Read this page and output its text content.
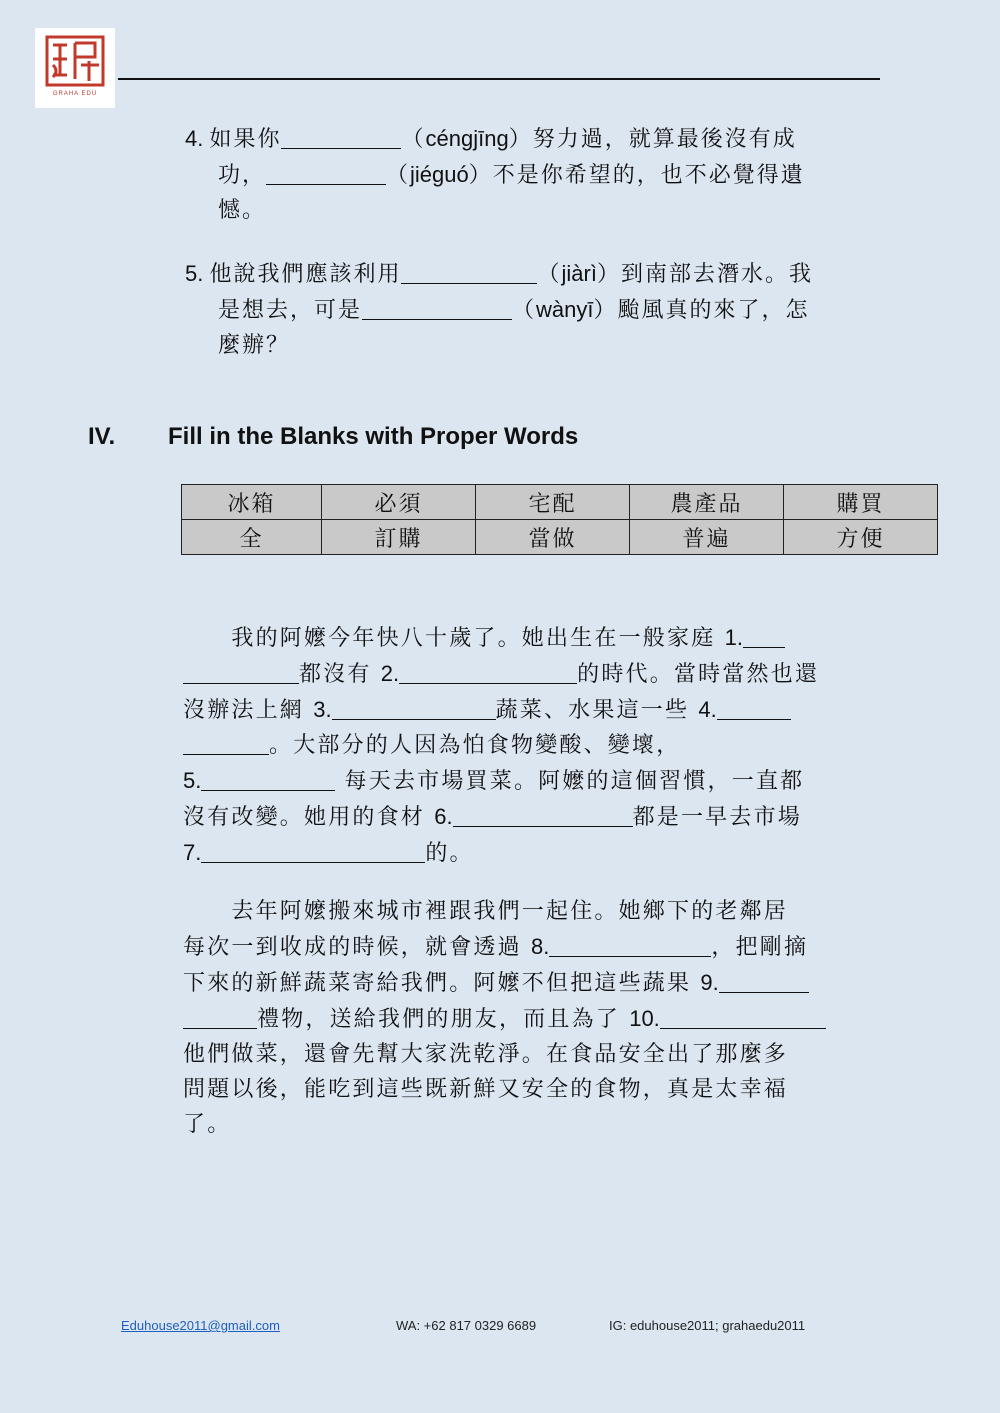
GRAHA EDU
4. 如果你	（céngjīng）努力過，就算最後沒有成
功，	（jiéguó）不是你希望的，也不必覺得遺
憾。
5. 他說我們應該利用	（jiàrì）到南部去潛水。我
是想去，可是	（wànyī）颱風真的來了，怎
麼辦？
IV. Fill in the Blanks with Proper Words
冰箱	必須	宅配	農產品	購買
全	訂購	當做	普遍	方便
　　我的阿嬤今年快八十歲了。她出生在一般家庭 1.
都沒有 2.	的時代。當時當然也還
沒辦法上網 3.	蔬菜、水果這一些 4.
。大部分的人因為怕食物變酸、變壞，
5.	每天去市場買菜。阿嬤的這個習慣，一直都
沒有改變。她用的食材 6.	都是一早去市場
7.	的。
　　去年阿嬤搬來城市裡跟我們一起住。她鄉下的老鄰居
每次一到收成的時候，就會透過 8.	，把剛摘
下來的新鮮蔬菜寄給我們。阿嬤不但把這些蔬果 9.
禮物，送給我們的朋友，而且為了 10.
他們做菜，還會先幫大家洗乾淨。在食品安全出了那麼多
問題以後，能吃到這些既新鮮又安全的食物，真是太幸福
了。
Eduhouse2011@gmail.com	WA: +62 817 0329 6689	IG: eduhouse2011; grahaedu2011
